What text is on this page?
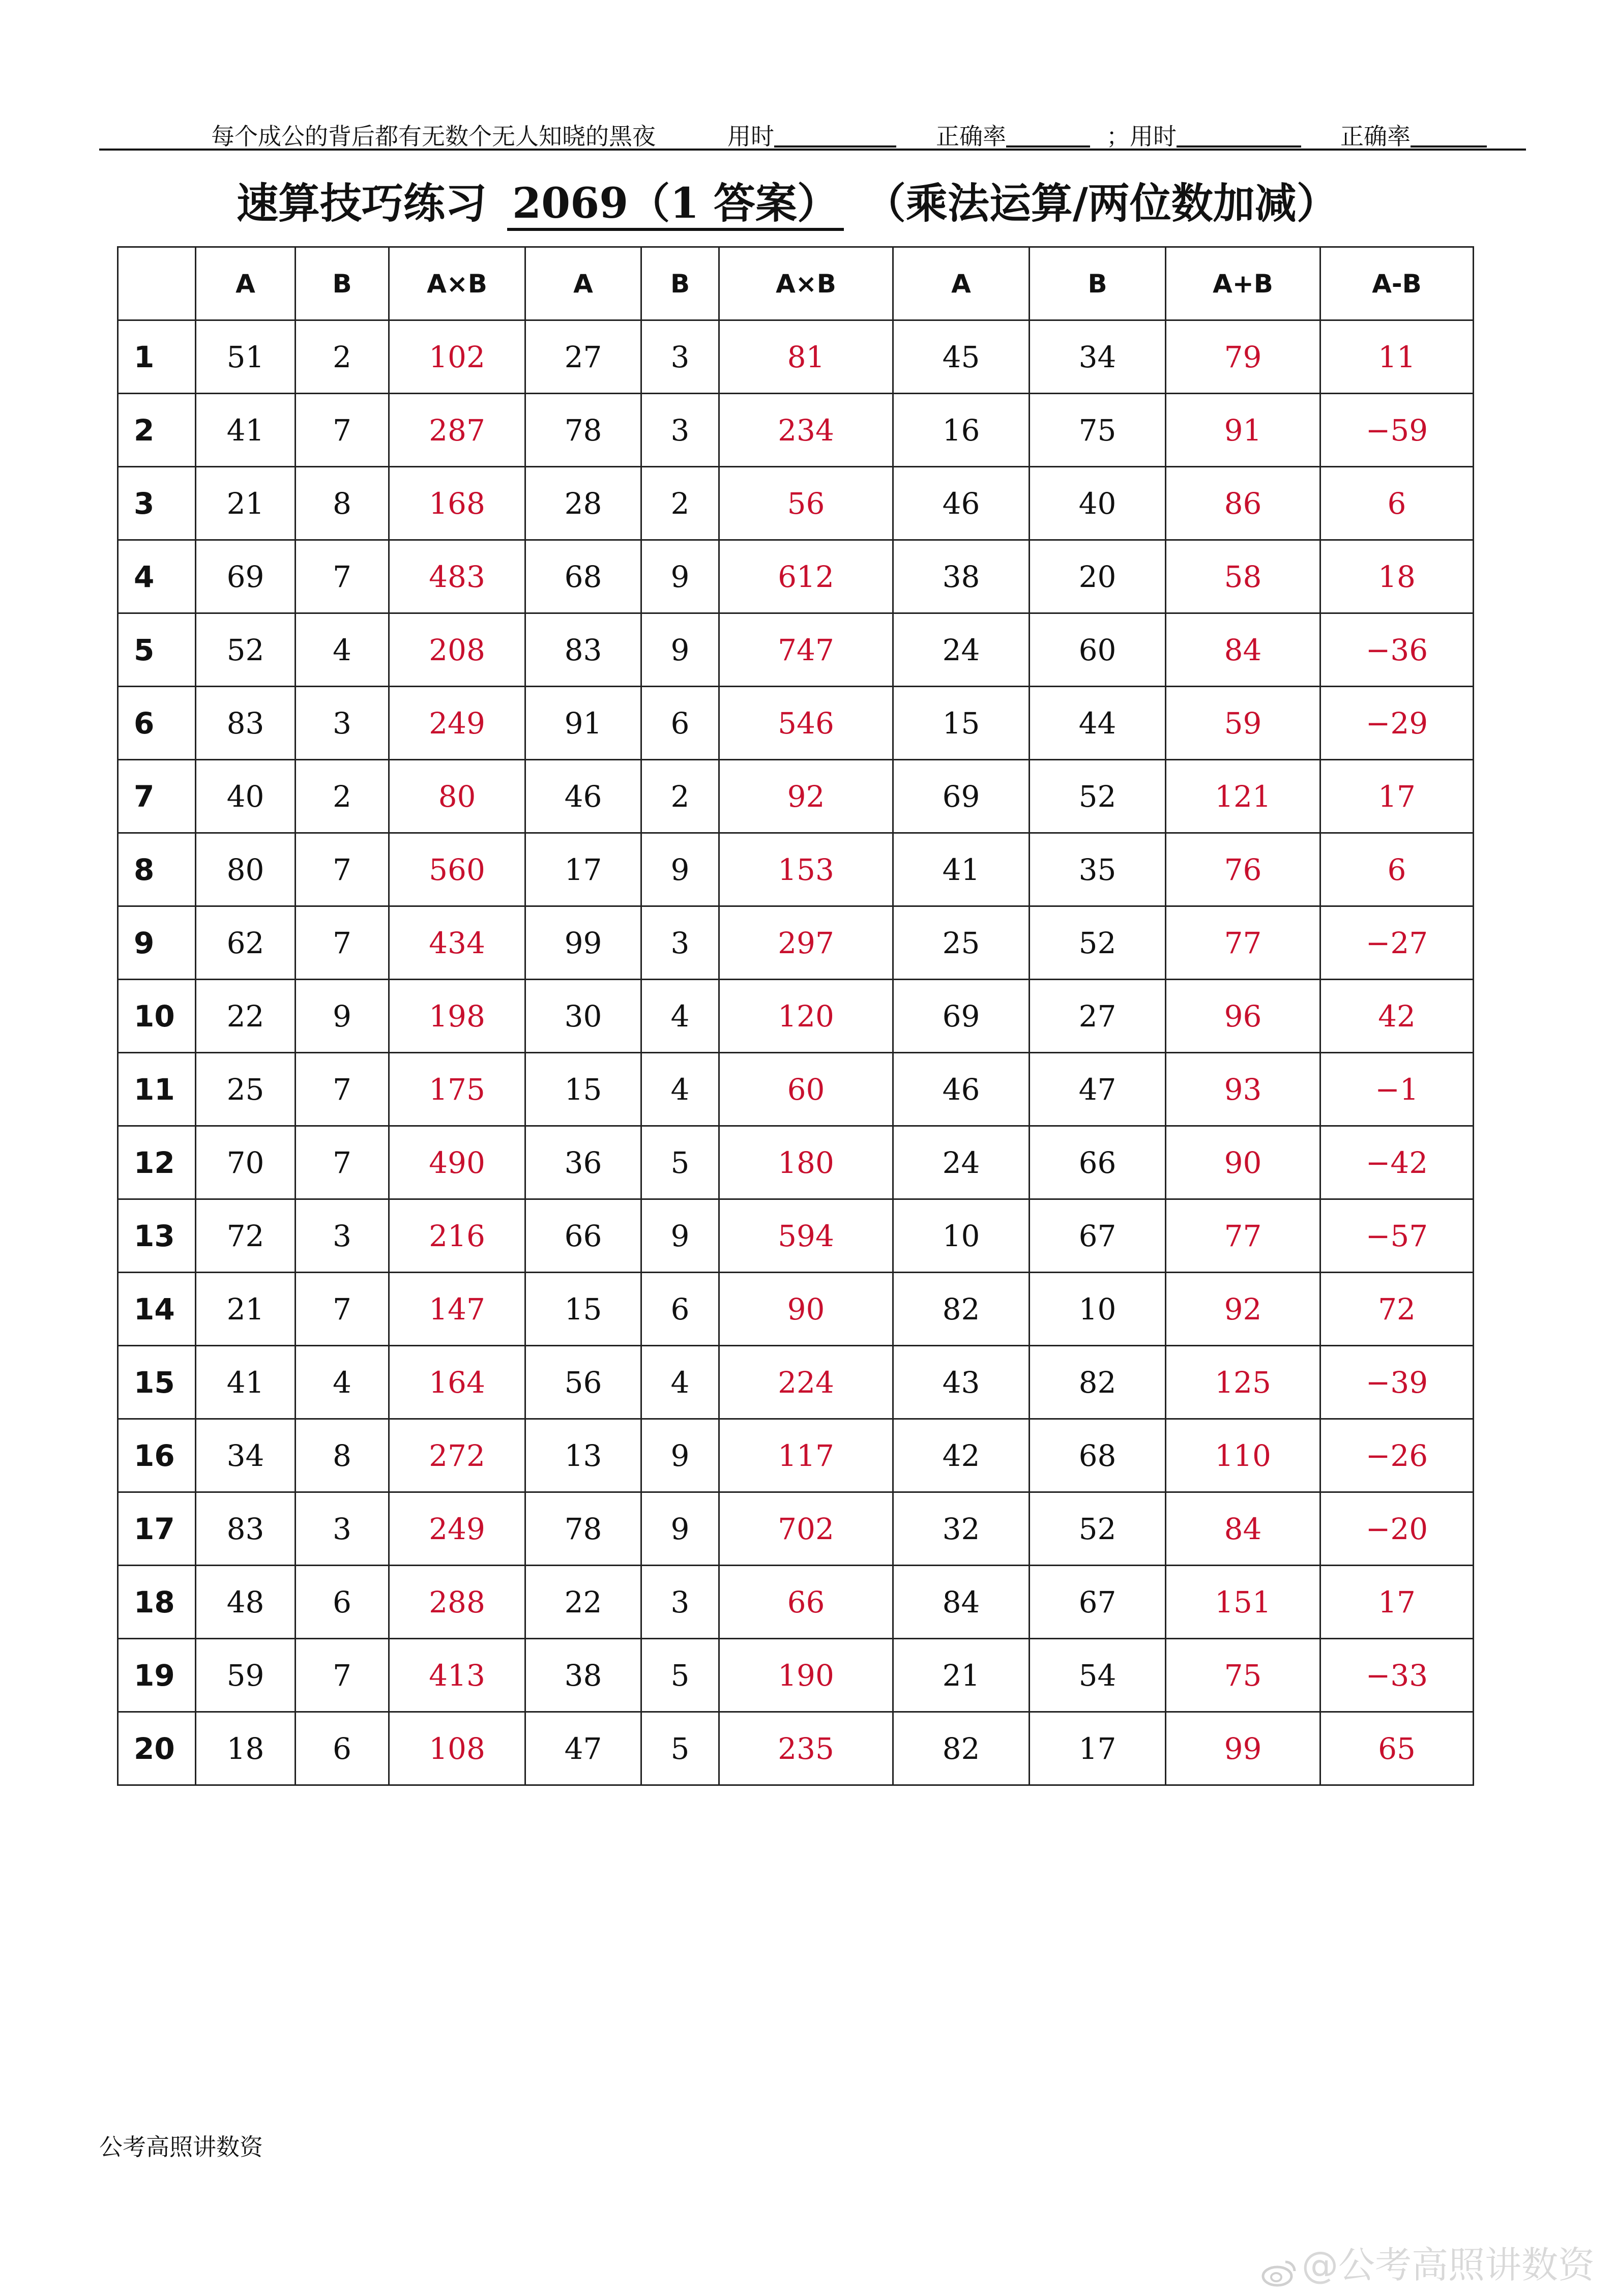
每个成公的背后都有无数个无人知晓的黑夜	用时	正确率	；用时	正确率
速算技巧练习 2069（1 答案） （乘法运算/两位数加减）
	A	B	A×B	A	B	A×B	A	B	A+B	A-B
1	51	2	102	27	3	81	45	34	79	11
2	41	7	287	78	3	234	16	75	91	−59
3	21	8	168	28	2	56	46	40	86	6
4	69	7	483	68	9	612	38	20	58	18
5	52	4	208	83	9	747	24	60	84	−36
6	83	3	249	91	6	546	15	44	59	−29
7	40	2	80	46	2	92	69	52	121	17
8	80	7	560	17	9	153	41	35	76	6
9	62	7	434	99	3	297	25	52	77	−27
10	22	9	198	30	4	120	69	27	96	42
11	25	7	175	15	4	60	46	47	93	−1
12	70	7	490	36	5	180	24	66	90	−42
13	72	3	216	66	9	594	10	67	77	−57
14	21	7	147	15	6	90	82	10	92	72
15	41	4	164	56	4	224	43	82	125	−39
16	34	8	272	13	9	117	42	68	110	−26
17	83	3	249	78	9	702	32	52	84	−20
18	48	6	288	22	3	66	84	67	151	17
19	59	7	413	38	5	190	21	54	75	−33
20	18	6	108	47	5	235	82	17	99	65
公考高照讲数资
@公考高照讲数资
